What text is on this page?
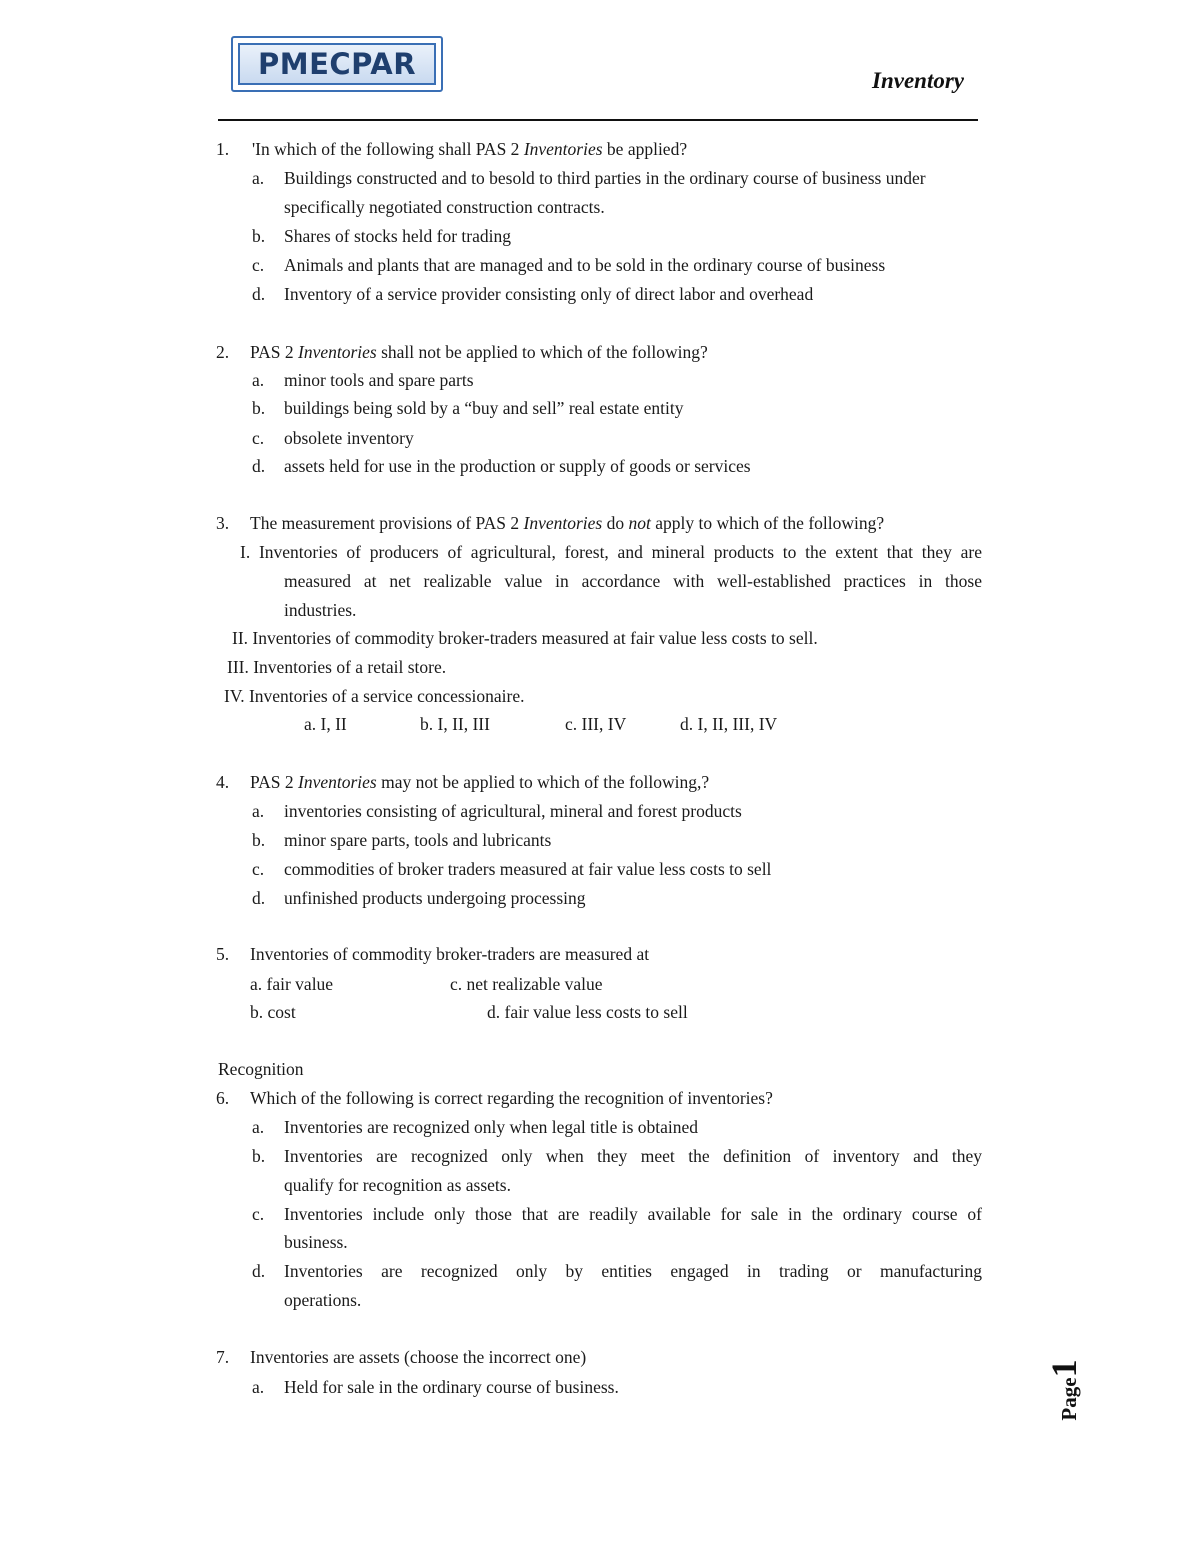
PMECPAR	Inventory
Page
1
1. 'In which of the following shall PAS 2 Inventories be applied?
a. Buildings constructed and to besold to third parties in the ordinary course of business under
specifically negotiated construction contracts.
b. Shares of stocks held for trading
c. Animals and plants that are managed and to be sold in the ordinary course of business
d. Inventory of a service provider consisting only of direct labor and overhead
2. PAS 2 Inventories shall not be applied to which of the following?
a. minor tools and spare parts
b. buildings being sold by a “buy and sell” real estate entity
c. obsolete inventory
d. assets held for use in the production or supply of goods or services
3. The measurement provisions of PAS 2 Inventories do not apply to which of the following?
I. Inventories of producers of agricultural, forest, and mineral products to the extent that they are
measured at net realizable value in accordance with well-established practices in those
industries.
II. Inventories of commodity broker-traders measured at fair value less costs to sell.
III. Inventories of a retail store.
IV. Inventories of a service concessionaire.
a. I, II	b. I, II, III	c. III, IV	d. I, II, III, IV
4. PAS 2 Inventories may not be applied to which of the following,?
a. inventories consisting of agricultural, mineral and forest products
b. minor spare parts, tools and lubricants
c. commodities of broker traders measured at fair value less costs to sell
d. unfinished products undergoing processing
5. Inventories of commodity broker-traders are measured at
a. fair value	c. net realizable value
b. cost	d. fair value less costs to sell
Recognition
6. Which of the following is correct regarding the recognition of inventories?
a. Inventories are recognized only when legal title is obtained
b. Inventories are recognized only when they meet the definition of inventory and they
qualify for recognition as assets.
c. Inventories include only those that are readily available for sale in the ordinary course of
business.
d. Inventories are recognized only by entities engaged in trading or manufacturing
operations.
7. Inventories are assets (choose the incorrect one)
a. Held for sale in the ordinary course of business.
